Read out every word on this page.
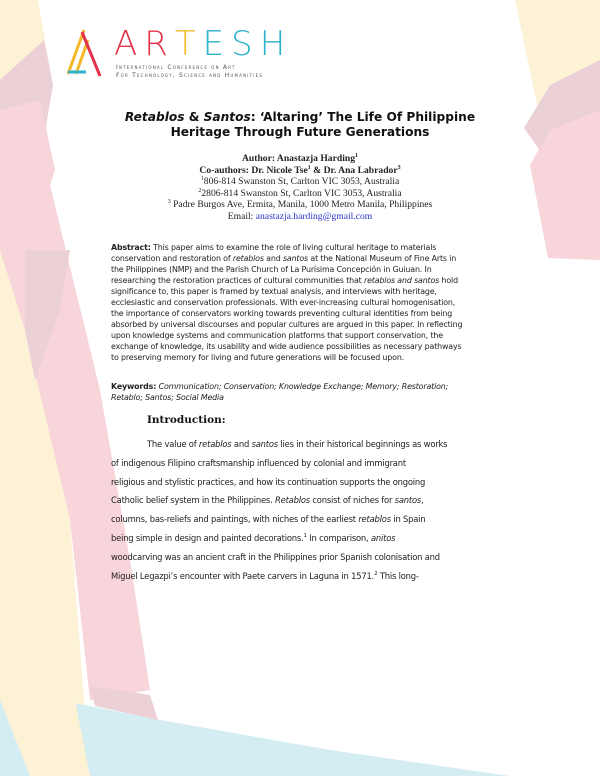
ARTESH
International Conference on Art
For Technology, Science and Humanities
Retablos & Santos: ‘Altaring’ The Life Of Philippine
Heritage Through Future Generations
Author: Anastazja Harding$^1$
Co-authors: Dr. Nicole Tse$^1$ & Dr. Ana Labrador$^3$
$^1$806-814 Swanston St, Carlton VIC 3053, Australia
$^2$2806-814 Swanston St, Carlton VIC 3053, Australia
$^3$ Padre Burgos Ave, Ermita, Manila, 1000 Metro Manila, Philippines
Email: anastazja.harding@gmail.com
Abstract: This paper aims to examine the role of living cultural heritage to materials
conservation and restoration of retablos and santos at the National Museum of Fine Arts in
the Philippines (NMP) and the Parish Church of La Purísima Concepción in Guiuan. In
researching the restoration practices of cultural communities that retablos and santos hold
significance to, this paper is framed by textual analysis, and interviews with heritage,
ecclesiastic and conservation professionals. With ever-increasing cultural homogenisation,
the importance of conservators working towards preventing cultural identities from being
absorbed by universal discourses and popular cultures are argued in this paper. In reflecting
upon knowledge systems and communication platforms that support conservation, the
exchange of knowledge, its usability and wide audience possibilities as necessary pathways
to preserving memory for living and future generations will be focused upon.
Keywords: Communication; Conservation; Knowledge Exchange; Memory; Restoration;
Retablo; Santos; Social Media
Introduction:
The value of retablos and santos lies in their historical beginnings as works
of indigenous Filipino craftsmanship influenced by colonial and immigrant
religious and stylistic practices, and how its continuation supports the ongoing
Catholic belief system in the Philippines. Retablos consist of niches for santos,
columns, bas-reliefs and paintings, with niches of the earliest retablos in Spain
being simple in design and painted decorations.$^1$ In comparison, anitos
woodcarving was an ancient craft in the Philippines prior Spanish colonisation and
Miguel Legazpi’s encounter with Paete carvers in Laguna in 1571.$^2$ This long-
